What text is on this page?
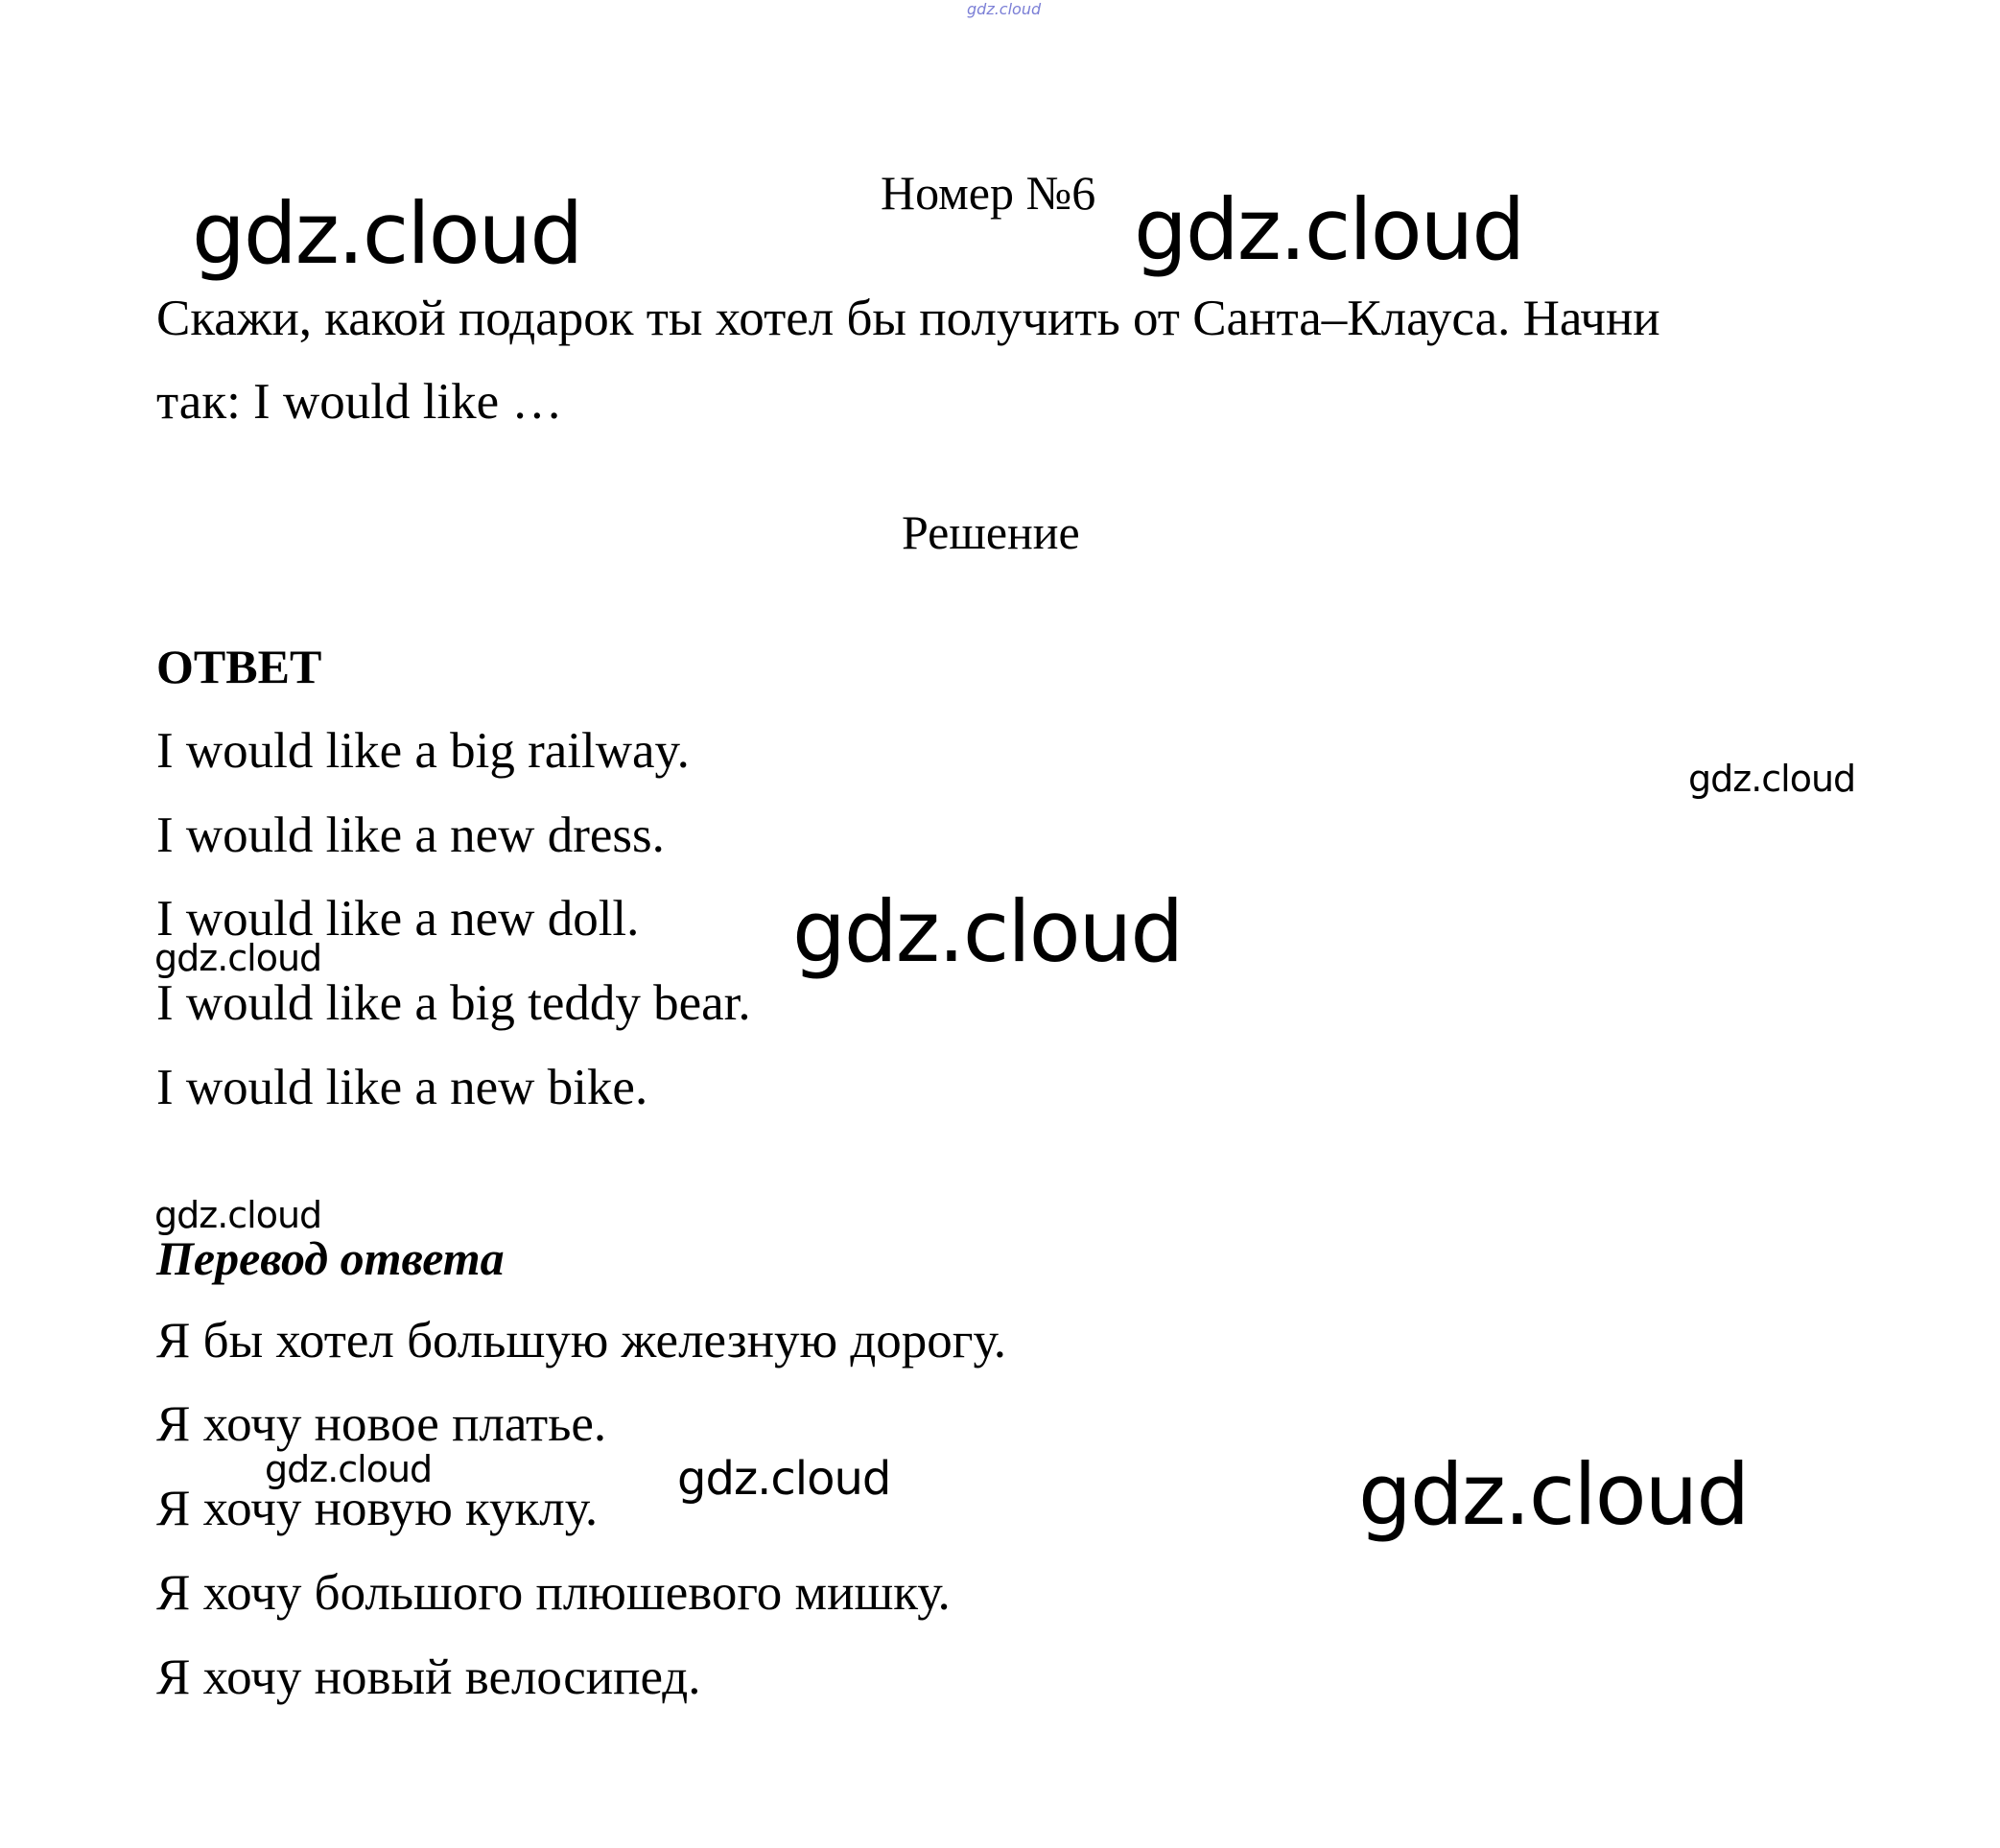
gdz.cloud
Номер №6
gdz.cloud	gdz.cloud
Скажи, какой подарок ты хотел бы получить от Санта–Клауса. Начни
так: I would like …
Решение
ОТВЕТ
I would like a big railway.
I would like a new dress.
I would like a new doll.
I would like a big teddy bear.
I would like a new bike.
gdz.cloud
gdz.cloud
gdz.cloud
gdz.cloud
Перевод ответа
Я бы хотел большую железную дорогу.
Я хочу новое платье.
Я хочу новую куклу.
Я хочу большого плюшевого мишку.
Я хочу новый велосипед.
gdz.cloud	gdz.cloud	gdz.cloud
